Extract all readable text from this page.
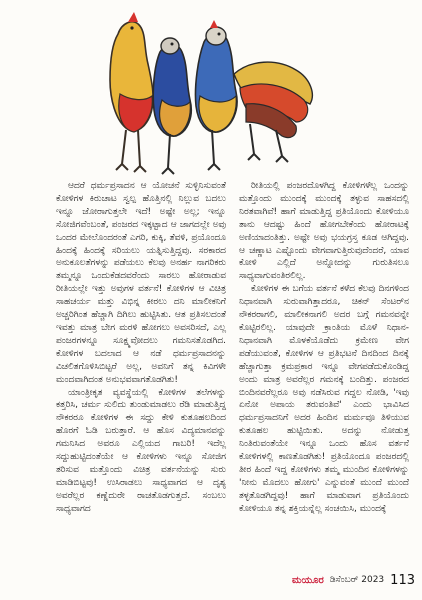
ಆದರೆ ಧರ್ಮಪ್ರಸಾದನ ಆ ಯೋಚನೆ ಸುಳ್ಳಿನಿಸುವಂತೆ ಕೋಳಿಗಳ ಕಿರುಚಾಟ ಸ್ವಲ್ಪ ಹೊತ್ತಿನಲ್ಲಿ ನಿಲ್ಲುವ ಬದಲು ಇನ್ನೂ ಜೋರಾಗುತ್ತಲೇ ಇದೆ! ಅಷ್ಟೇ ಅಲ್ಲ; ಇನ್ನೂ ಸೋಜಿಗವೆಂಬಂತೆ, ಪಂಜರದ ಇಕ್ಕಟ್ಟಾದ ಆ ಜಾಗದಲ್ಲೇ ಅವು ಒಂದರ ಮೇಲೊಂದರಂತೆ ಎಗರಿ, ಕುಕ್ಕಿ, ತೆವಳಿ, ಪ್ರಯೊಂದೂ ಹಿಂದಕ್ಕೆ ಹಿಂದಕ್ಕೆ ಸರಿಯಲು ಯತ್ನಿಸುತ್ತಿದ್ದವು. ಸರಕಾರದ ಅನುಕೂಲತೆಗಳನ್ನು ಪಡೆಯಲು ಕೆಲವು ಅನರ್ಹ ನಾಗರಿಕರು ತಮ್ಮನ್ನೂ ಒಂದುಕೆಡದವರೆಂದು ಸಾರಲು ಹೋರಾಡುವ ರೀತಿಯಲ್ಲೇ ಇತ್ತು ಅವುಗಳ ವರ್ತನೆ! ಕೋಳಿಗಳ ಆ ವಿಚಿತ್ರ ಸಾಹಚರ್ಯ ಮತ್ತು ವಿಭಿನ್ನ ಕೀರಲು ದನಿ ಮಾಲೀಕನಿಗೆ ಅಚ್ಚರಿಗಿಂತ ಹೆಚ್ಚಾಗಿ ದಿಗಿಲು ಹುಟ್ಟಿಸಿತು. ಆತ ಪ್ರತಿಸಲದಂತೆ ಇವತ್ತು ಮಾತ್ರ ಬೇಗ ಮರಳಿ ಹೋಗಲು ಅವಸರಿಸದೆ, ಎಲ್ಲ ಪಂಜರಗಳನ್ನೂ ಸೂಕ್ಷ್ಮವೋದಲು ಗಮನಿಸತೊಡಗಿದ. ಕೋಳಿಗಳ ಬದಲಾದ ಆ ನಡೆ ಧರ್ಮಪ್ರಸಾದನನ್ನು ವಿಚಲಿತಗೊಳಿಸಿಬಿಟ್ಟರೆ ಅಲ್ಲ, ಅವನಿಗೆ ತನ್ನ ಕಿವಿಗಳೇ ಮಂದವಾಗಿದಂತ ಅನುಭವವಾಗತೊಡಗಿತು!

ಯಾಂತ್ರೀಕೃತ ವ್ಯವಸ್ಥೆಯಲ್ಲಿ ಕೋಳಿಗಳ ತಲೆಗಳನ್ನು ಕತ್ತರಿಸಿ, ಚರ್ಮ ಸುಲಿದು ತುಂಡುಮಾಡಲು ರೆಡಿ ಮಾಡುತ್ತಿದ್ದ ನೌಕರರೂ ಕೋಳಿಗಳ ಈ ಸದ್ದು ಕೇಳಿ ಕುತೂಹಲದಿಂದ ಹೊರಗೆ ಓಡಿ ಬರುತ್ತಾರೆ. ಆ ಹೊಸ ವಿದ್ಯಮಾನವನ್ನು ಗಮನಿಸಿದ ಅವರೂ ಎಲ್ಲಿಯದ ಗಾಬರಿ! ಇದೆಲ್ಲ ಸದ್ದುಹುಟ್ಟಿದಂತೆಯೇ ಆ ಕೋಳಿಗಳು ಇನ್ನೂ ಸೋಜಿಗ ತರಿಸುವ ಮತ್ತೊಂದು ವಿಚಿತ್ರ ವರ್ತನೆಯನ್ನು ಸುರು ಮಾಡಿಬಿಟ್ಟವು! ಉಸಿರಾಡಲು ಸಾಧ್ಯವಾಗದ ಆ ದೃಶ್ಯ ಅವರೆಲ್ಲರ ಕಣ್ಣೆದುರೇ ರಾಚತೊಡಗುತ್ತದೆ. ಸಂಬಲು ಸಾಧ್ಯವಾಗದ

ರೀತಿಯಲ್ಲಿ ಪಂಜರದೊಳಗಿದ್ದ ಕೋಳಿಗಳೆಲ್ಲ ಒಂದನ್ನು ಮತ್ತೊಂದು ಮುಂದಕ್ಕೆ ಮುಂದಕ್ಕೆ ತಳ್ಳುವ ಸಾಹಸದಲ್ಲಿ ನಿರತವಾಗಿವೆ! ಹಾಗೆ ಮಾಡುತ್ತಿದ್ದ ಪ್ರತಿಯೊಂದು ಕೋಳಿಯೂ ತಾನು ಆದಷ್ಟು ಹಿಂದೆ ಹೋಗಬೇಕೆಂದು ಹೋರಾಟಕ್ಕೆ ಅಣಿಯಾದಂತಿತ್ತು. ಅಷ್ಟೇ ಅವು ಭಯಗ್ರಸ್ತ ಕೂಡ ಆಗಿದ್ದವು. ಆ ಚಣ್ಣಾಟ ಎಷ್ಟೊಂದು ವೇಗವಾಗುತ್ತಿರುವುದೆಂದರೆ, ಯಾವ ಕೋಳಿ ಎಲ್ಲಿದೆ ಅನ್ನೋದನ್ನು ಗುರುತಿಸಲೂ ಸಾಧ್ಯವಾಗುವಂತಿರಲಿಲ್ಲ.

ಕೋಳಿಗಳ ಈ ಬಗೆಯ ವರ್ತನೆ ಕಳೆದ ಕೆಲವು ದಿನಗಳಿಂದ ನಿಧಾನವಾಗಿ ಸುರುವಾಗಿತ್ತಾದರೂ, ಚಿಕನ್ ಸೆಂಟರ್‌ನ ನೌಕರರಾಗಲಿ, ಮಾಲೀಕನಾಗಲಿ ಅದರ ಬಗ್ಗೆ ಗಮನವನ್ನೇ ಕೊಟ್ಟಿರಲಿಲ್ಲ. ಯಾವುದೇ ಕ್ರಾಂತಿಯ ಮೊಳೆ ನಿಧಾನ-ನಿಧಾನವಾಗಿ ಮೊಳಕೆಯೊಡೆದು ಕ್ರಮೇಣ ವೇಗ ಪಡೆಯುವಂತೆ, ಕೋಳಿಗಳ ಆ ಪ್ರತಿಭಟನೆ ದಿನದಿಂದ ದಿನಕ್ಕೆ ಹೆಚ್ಚಾಗುತ್ತಾ ಕ್ರಮಪ್ರಕಾರ ಇನ್ನೂ ವೇಗಪಡೆದುಕೊಂಡಿದ್ದ ಅಂದು ಮಾತ್ರ ಅವರೆಲ್ಲರ ಗಮನಕ್ಕೆ ಬಂದಿತ್ತು. ಪಂಜರದ ಬಿಂದಿನವರೆಲ್ಲರೂ ಅವು ನಡೆಸಿರುವ ಗದ್ದಲ ನೋಡಿ, 'ಇವು ಏನೋ ಅಪಾಯ ತರುವಂತಿವೆ' ಎಂದು ಭಾವಿಸಿದ ಧರ್ಮಪ್ರಸಾದನಿಗೆ ಅದರ ಹಿಂದಿನ ಮರ್ಮವೂ ತಿಳಿಯುವ ಕುತೂಹಲ ಹುಟ್ಟಿಯಿತು. ಅದನ್ನು ನೋಡುತ್ತ ನಿಂತಿರುವಂತೆಯೇ ಇನ್ನೂ ಒಂದು ಹೊಸ ವರ್ತನೆ ಕೋಳಿಗಳಲ್ಲಿ ಕಾಣತೊಡಗಿತು! ಪ್ರತಿಯೊಂದೂ ಪಂಜರದಲ್ಲಿ ತೀರ ಹಿಂದೆ ಇದ್ದ ಕೋಳಿಗಳು ತಮ್ಮ ಮುಂದಿನ ಕೋಳಿಗಳನ್ನು 'ನೀನು ಮೊದಲು ಹೋಗು' ಎನ್ನುವಂತೆ ಮುಂದೆ ಮುಂದೆ ತಳ್ಳತೊಡಗಿದ್ದವು! ಹಾಗೆ ಮಾಡುವಾಗ ಪ್ರತಿಯೊಂದು ಕೋಳಿಯೂ ತನ್ನ ಶಕ್ತಿಯನ್ನೆಲ್ಲ ಸಂಚಯಿಸಿ, ಮುಂದಕ್ಕೆ

ಮಯೂರ ಡಿಸೆಂಬರ್ 2023 113
